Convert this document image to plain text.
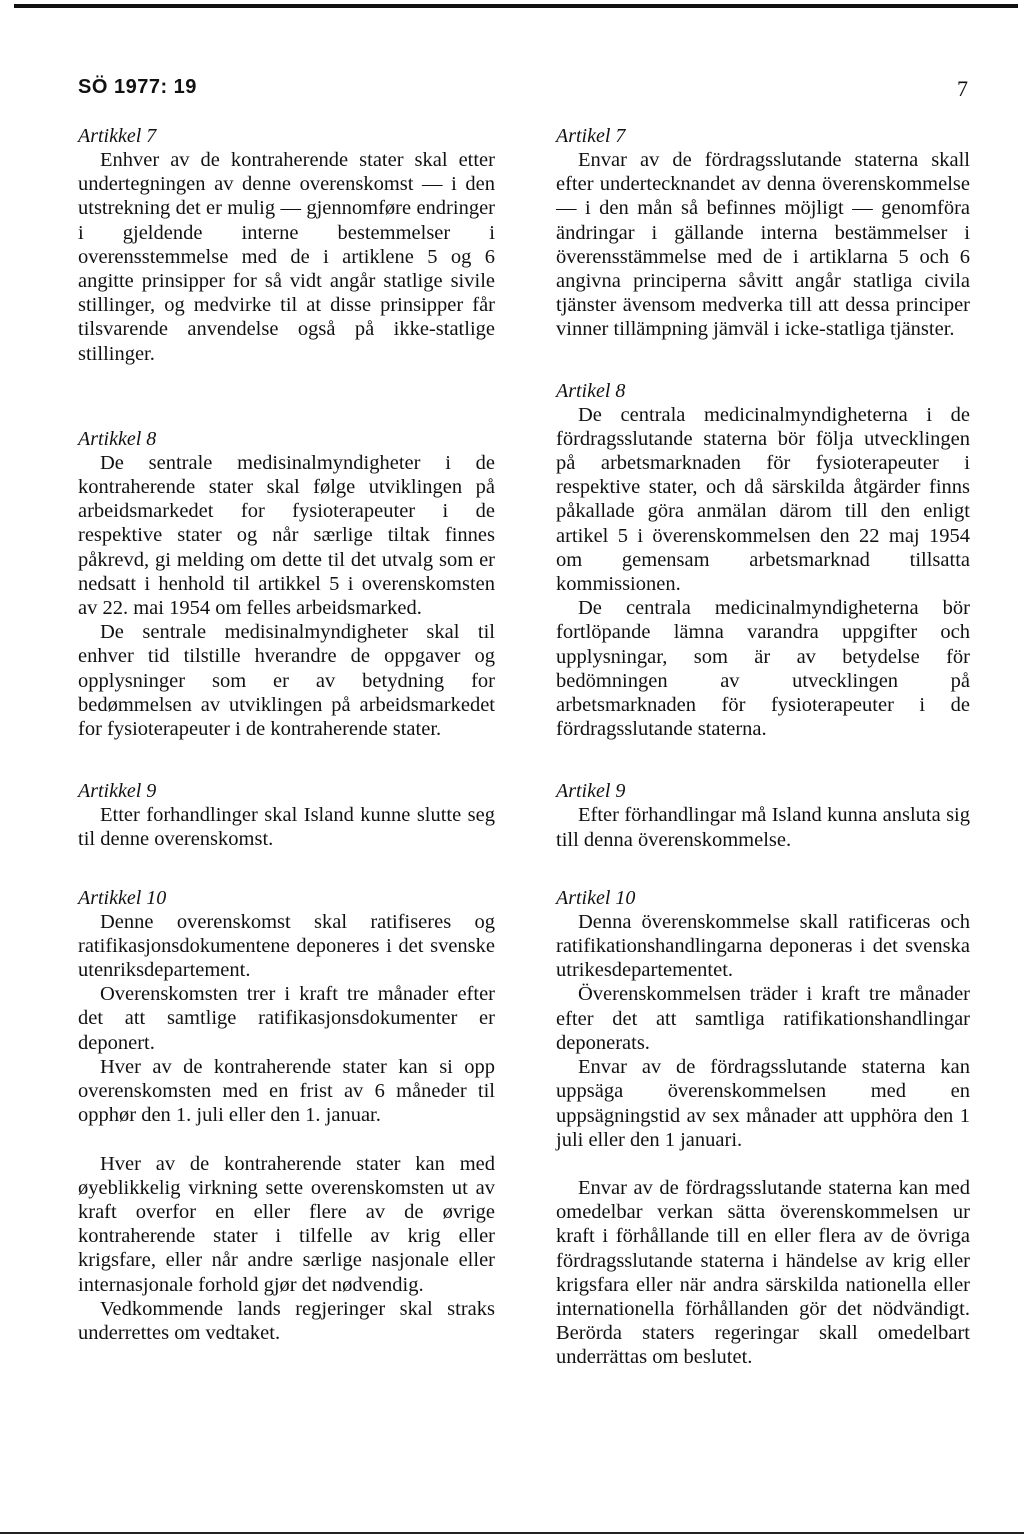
SÖ 1977: 19	7

Artikkel 7

Enhver av de kontraherende stater skal etter undertegningen av denne overenskomst — i den utstrekning det er mulig — gjennomføre endringer i gjeldende interne bestemmelser i overensstemmelse med de i artiklene 5 og 6 angitte prinsipper for så vidt angår statlige sivile stillinger, og medvirke til at disse prinsipper får tilsvarende anvendelse også på ikke-statlige stillinger.

Artikkel 8

De sentrale medisinalmyndigheter i de kontraherende stater skal følge utviklingen på arbeidsmarkedet for fysioterapeuter i de respektive stater og når særlige tiltak finnes påkrevd, gi melding om dette til det utvalg som er nedsatt i henhold til artikkel 5 i overenskomsten av 22. mai 1954 om felles arbeidsmarked.

De sentrale medisinalmyndigheter skal til enhver tid tilstille hverandre de oppgaver og opplysninger som er av betydning for bedømmelsen av utviklingen på arbeidsmarkedet for fysioterapeuter i de kontraherende stater.

Artikkel 9

Etter forhandlinger skal Island kunne slutte seg til denne overenskomst.

Artikkel 10

Denne overenskomst skal ratifiseres og ratifikasjonsdokumentene deponeres i det svenske utenriksdepartement.

Overenskomsten trer i kraft tre månader efter det att samtlige ratifikasjonsdokumenter er deponert.

Hver av de kontraherende stater kan si opp overenskomsten med en frist av 6 måneder til opphør den 1. juli eller den 1. januar.

Hver av de kontraherende stater kan med øyeblikkelig virkning sette overenskomsten ut av kraft overfor en eller flere av de øvrige kontraherende stater i tilfelle av krig eller krigsfare, eller når andre særlige nasjonale eller internasjonale forhold gjør det nødvendig.

Vedkommende lands regjeringer skal straks underrettes om vedtaket.

Artikel 7

Envar av de fördragsslutande staterna skall efter undertecknandet av denna överenskommelse — i den mån så befinnes möjligt — genomföra ändringar i gällande interna bestämmelser i överensstämmelse med de i artiklarna 5 och 6 angivna principerna såvitt angår statliga civila tjänster ävensom medverka till att dessa principer vinner tillämpning jämväl i icke-statliga tjänster.

Artikel 8

De centrala medicinalmyndigheterna i de fördragsslutande staterna bör följa utvecklingen på arbetsmarknaden för fysioterapeuter i respektive stater, och då särskilda åtgärder finns påkallade göra anmälan därom till den enligt artikel 5 i överenskommelsen den 22 maj 1954 om gemensam arbetsmarknad tillsatta kommissionen.

De centrala medicinalmyndigheterna bör fortlöpande lämna varandra uppgifter och upplysningar, som är av betydelse för bedömningen av utvecklingen på arbetsmarknaden för fysioterapeuter i de fördragsslutande staterna.

Artikel 9

Efter förhandlingar må Island kunna ansluta sig till denna överenskommelse.

Artikel 10

Denna överenskommelse skall ratificeras och ratifikationshandlingarna deponeras i det svenska utrikesdepartementet.

Överenskommelsen träder i kraft tre månader efter det att samtliga ratifikationshandlingar deponerats.

Envar av de fördragsslutande staterna kan uppsäga överenskommelsen med en uppsägningstid av sex månader att upphöra den 1 juli eller den 1 januari.

Envar av de fördragsslutande staterna kan med omedelbar verkan sätta överenskommelsen ur kraft i förhållande till en eller flera av de övriga fördragsslutande staterna i händelse av krig eller krigsfara eller när andra särskilda nationella eller internationella förhållanden gör det nödvändigt. Berörda staters regeringar skall omedelbart underrättas om beslutet.
